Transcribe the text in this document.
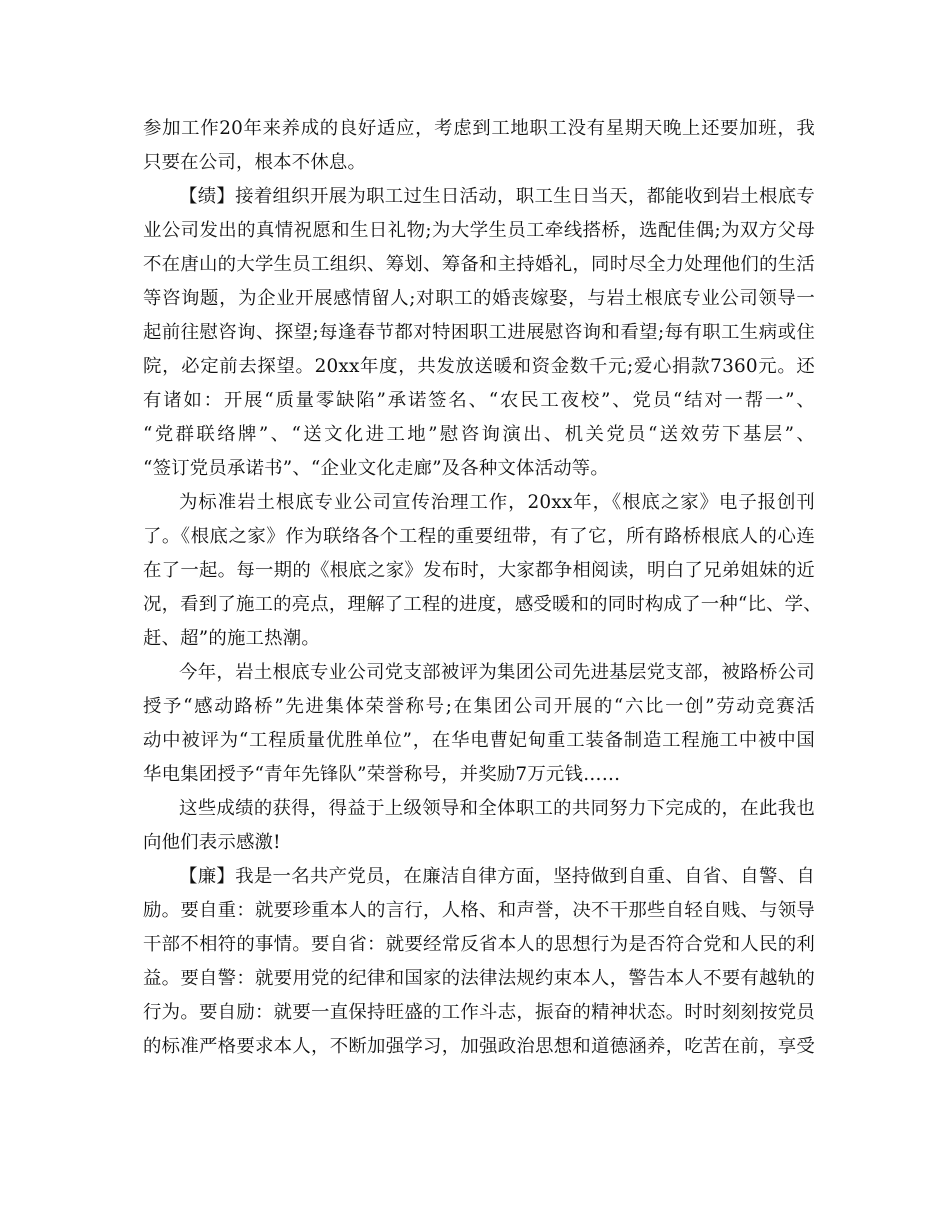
参加工作20年来养成的良好适应，考虑到工地职工没有星期天晚上还要加班，我
只要在公司，根本不休息。
【绩】接着组织开展为职工过生日活动，职工生日当天，都能收到岩土根底专
业公司发出的真情祝愿和生日礼物;为大学生员工牵线搭桥，选配佳偶;为双方父母
不在唐山的大学生员工组织、筹划、筹备和主持婚礼，同时尽全力处理他们的生活
等咨询题，为企业开展感情留人;对职工的婚丧嫁娶，与岩土根底专业公司领导一
起前往慰咨询、探望;每逢春节都对特困职工进展慰咨询和看望;每有职工生病或住
院，必定前去探望。20xx年度，共发放送暖和资金数千元;爱心捐款7360元。还
有诸如：开展“质量零缺陷”承诺签名、“农民工夜校”、党员“结对一帮一”、
“党群联络牌”、“送文化进工地”慰咨询演出、机关党员“送效劳下基层”、
“签订党员承诺书”、“企业文化走廊”及各种文体活动等。
为标准岩土根底专业公司宣传治理工作，20xx年，《根底之家》电子报创刊
了。《根底之家》作为联络各个工程的重要纽带，有了它，所有路桥根底人的心连
在了一起。每一期的《根底之家》发布时，大家都争相阅读，明白了兄弟姐妹的近
况，看到了施工的亮点，理解了工程的进度，感受暖和的同时构成了一种“比、学、
赶、超”的施工热潮。
今年，岩土根底专业公司党支部被评为集团公司先进基层党支部，被路桥公司
授予“感动路桥”先进集体荣誉称号;在集团公司开展的“六比一创”劳动竞赛活
动中被评为“工程质量优胜单位”，在华电曹妃甸重工装备制造工程施工中被中国
华电集团授予“青年先锋队”荣誉称号，并奖励7万元钱……
这些成绩的获得，得益于上级领导和全体职工的共同努力下完成的，在此我也
向他们表示感激!
【廉】我是一名共产党员，在廉洁自律方面，坚持做到自重、自省、自警、自
励。要自重：就要珍重本人的言行，人格、和声誉，决不干那些自轻自贱、与领导
干部不相符的事情。要自省：就要经常反省本人的思想行为是否符合党和人民的利
益。要自警：就要用党的纪律和国家的法律法规约束本人，警告本人不要有越轨的
行为。要自励：就要一直保持旺盛的工作斗志，振奋的精神状态。时时刻刻按党员
的标准严格要求本人，不断加强学习，加强政治思想和道德涵养，吃苦在前，享受
